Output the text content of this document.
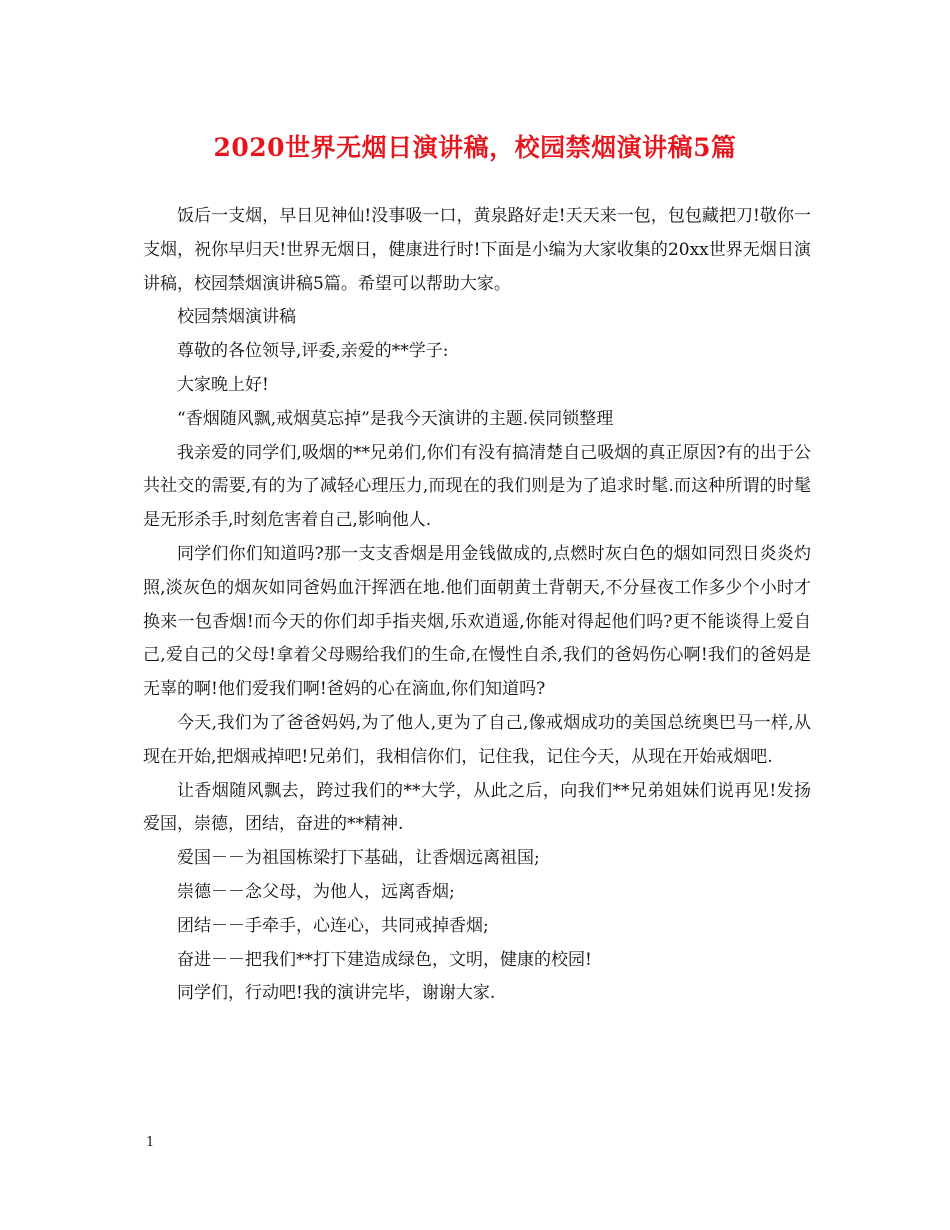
2020世界无烟日演讲稿，校园禁烟演讲稿5篇

饭后一支烟，早日见神仙!没事吸一口，黄泉路好走!天天来一包，包包藏把刀!敬你一支烟，祝你早归天!世界无烟日，健康进行时!下面是小编为大家收集的20xx世界无烟日演讲稿，校园禁烟演讲稿5篇。希望可以帮助大家。

校园禁烟演讲稿

尊敬的各位领导,评委,亲爱的**学子:

大家晚上好!

“香烟随风飘,戒烟莫忘掉”是我今天演讲的主题.侯同锁整理

我亲爱的同学们,吸烟的**兄弟们,你们有没有搞清楚自己吸烟的真正原因?有的出于公共社交的需要,有的为了减轻心理压力,而现在的我们则是为了追求时髦.而这种所谓的时髦是无形杀手,时刻危害着自己,影响他人.

同学们你们知道吗?那一支支香烟是用金钱做成的,点燃时灰白色的烟如同烈日炎炎灼照,淡灰色的烟灰如同爸妈血汗挥洒在地.他们面朝黄土背朝天,不分昼夜工作多少个小时才换来一包香烟!而今天的你们却手指夹烟,乐欢逍遥,你能对得起他们吗?更不能谈得上爱自己,爱自己的父母!拿着父母赐给我们的生命,在慢性自杀,我们的爸妈伤心啊!我们的爸妈是无辜的啊!他们爱我们啊!爸妈的心在滴血,你们知道吗?

今天,我们为了爸爸妈妈,为了他人,更为了自己,像戒烟成功的美国总统奥巴马一样,从现在开始,把烟戒掉吧!兄弟们，我相信你们，记住我，记住今天，从现在开始戒烟吧.

让香烟随风飘去，跨过我们的**大学，从此之后，向我们**兄弟姐妹们说再见!发扬爱国，崇德，团结，奋进的**精神.

爱国－－为祖国栋梁打下基础，让香烟远离祖国;

崇德－－念父母，为他人，远离香烟;

团结－－手牵手，心连心，共同戒掉香烟;

奋进－－把我们**打下建造成绿色，文明，健康的校园!

同学们，行动吧!我的演讲完毕，谢谢大家.

1
